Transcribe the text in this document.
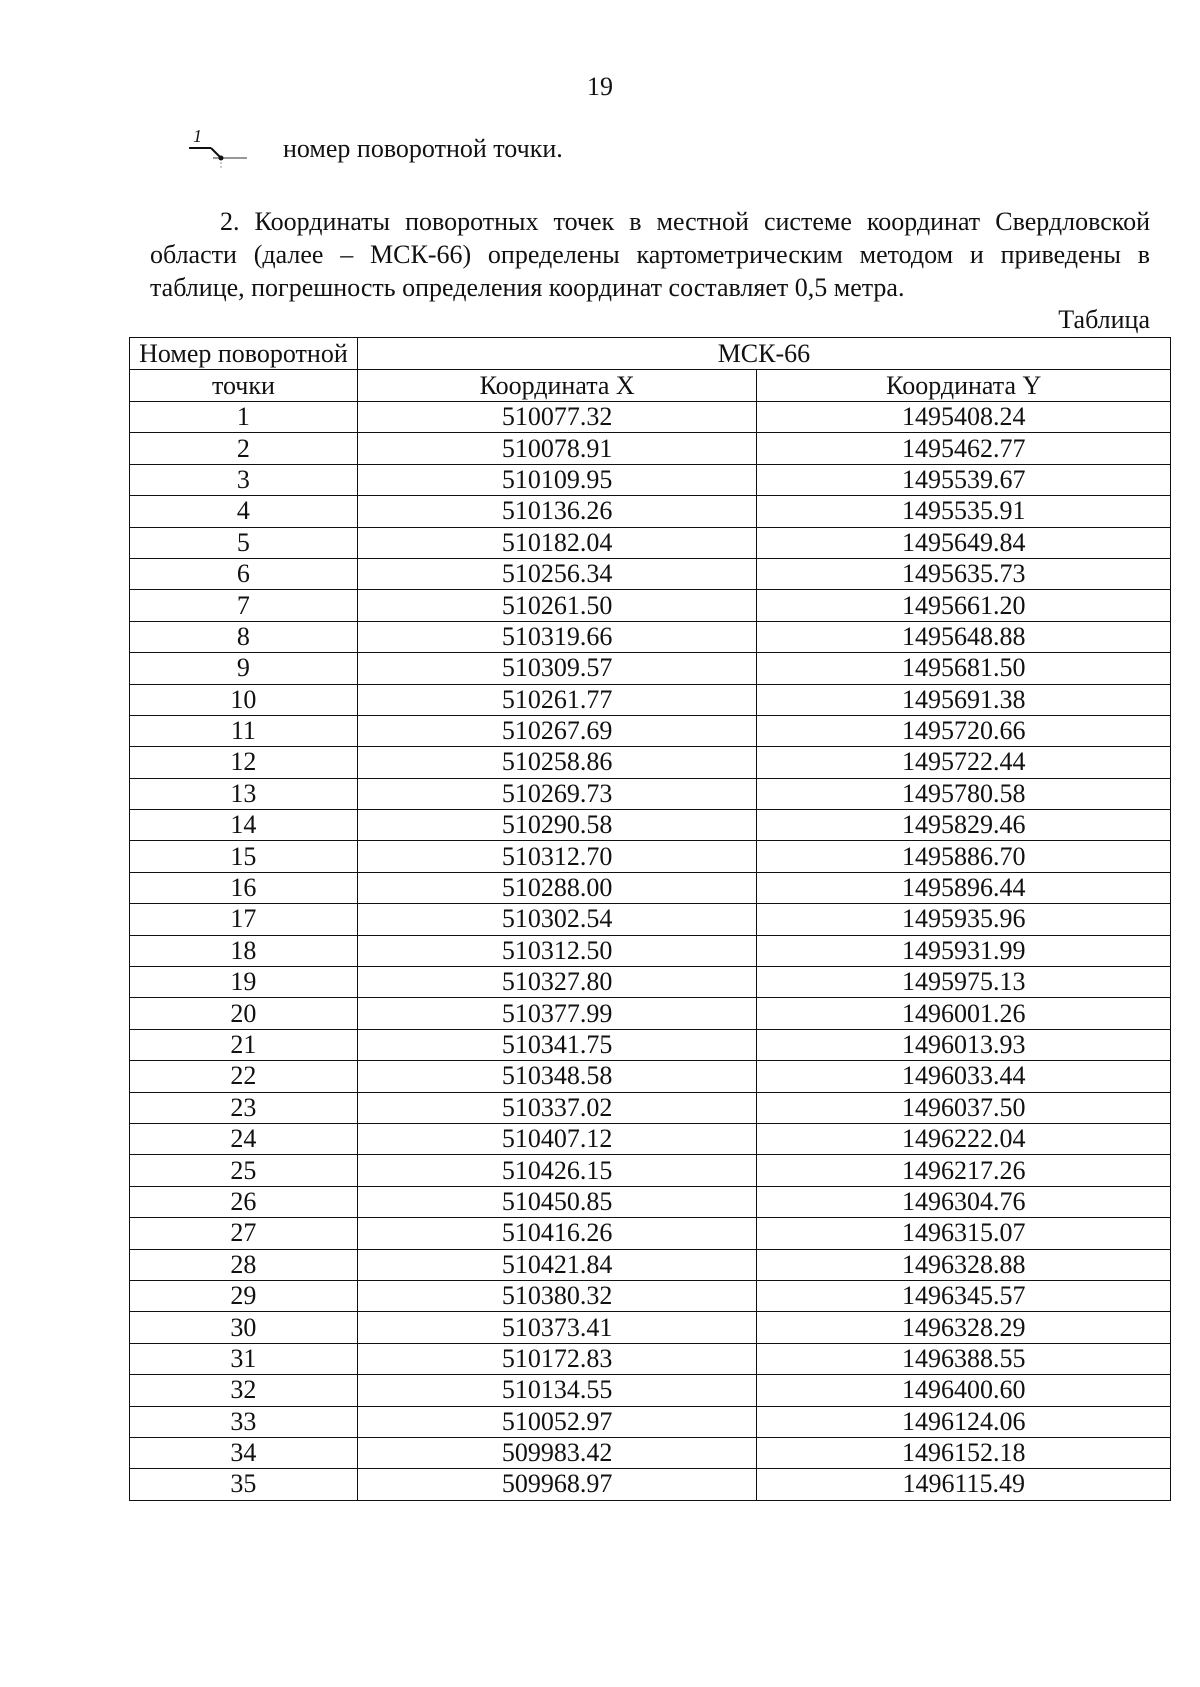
19
1	номер поворотной точки.
2. Координаты поворотных точек в местной системе координат Свердловской области (далее – МСК-66) определены картометрическим методом и приведены в таблице, погрешность определения координат составляет 0,5 метра.
Таблица
Номер поворотной	МСК-66	
точки	Координата X	Координата Y
1	510077.32	1495408.24
2	510078.91	1495462.77
3	510109.95	1495539.67
4	510136.26	1495535.91
5	510182.04	1495649.84
6	510256.34	1495635.73
7	510261.50	1495661.20
8	510319.66	1495648.88
9	510309.57	1495681.50
10	510261.77	1495691.38
11	510267.69	1495720.66
12	510258.86	1495722.44
13	510269.73	1495780.58
14	510290.58	1495829.46
15	510312.70	1495886.70
16	510288.00	1495896.44
17	510302.54	1495935.96
18	510312.50	1495931.99
19	510327.80	1495975.13
20	510377.99	1496001.26
21	510341.75	1496013.93
22	510348.58	1496033.44
23	510337.02	1496037.50
24	510407.12	1496222.04
25	510426.15	1496217.26
26	510450.85	1496304.76
27	510416.26	1496315.07
28	510421.84	1496328.88
29	510380.32	1496345.57
30	510373.41	1496328.29
31	510172.83	1496388.55
32	510134.55	1496400.60
33	510052.97	1496124.06
34	509983.42	1496152.18
35	509968.97	1496115.49
